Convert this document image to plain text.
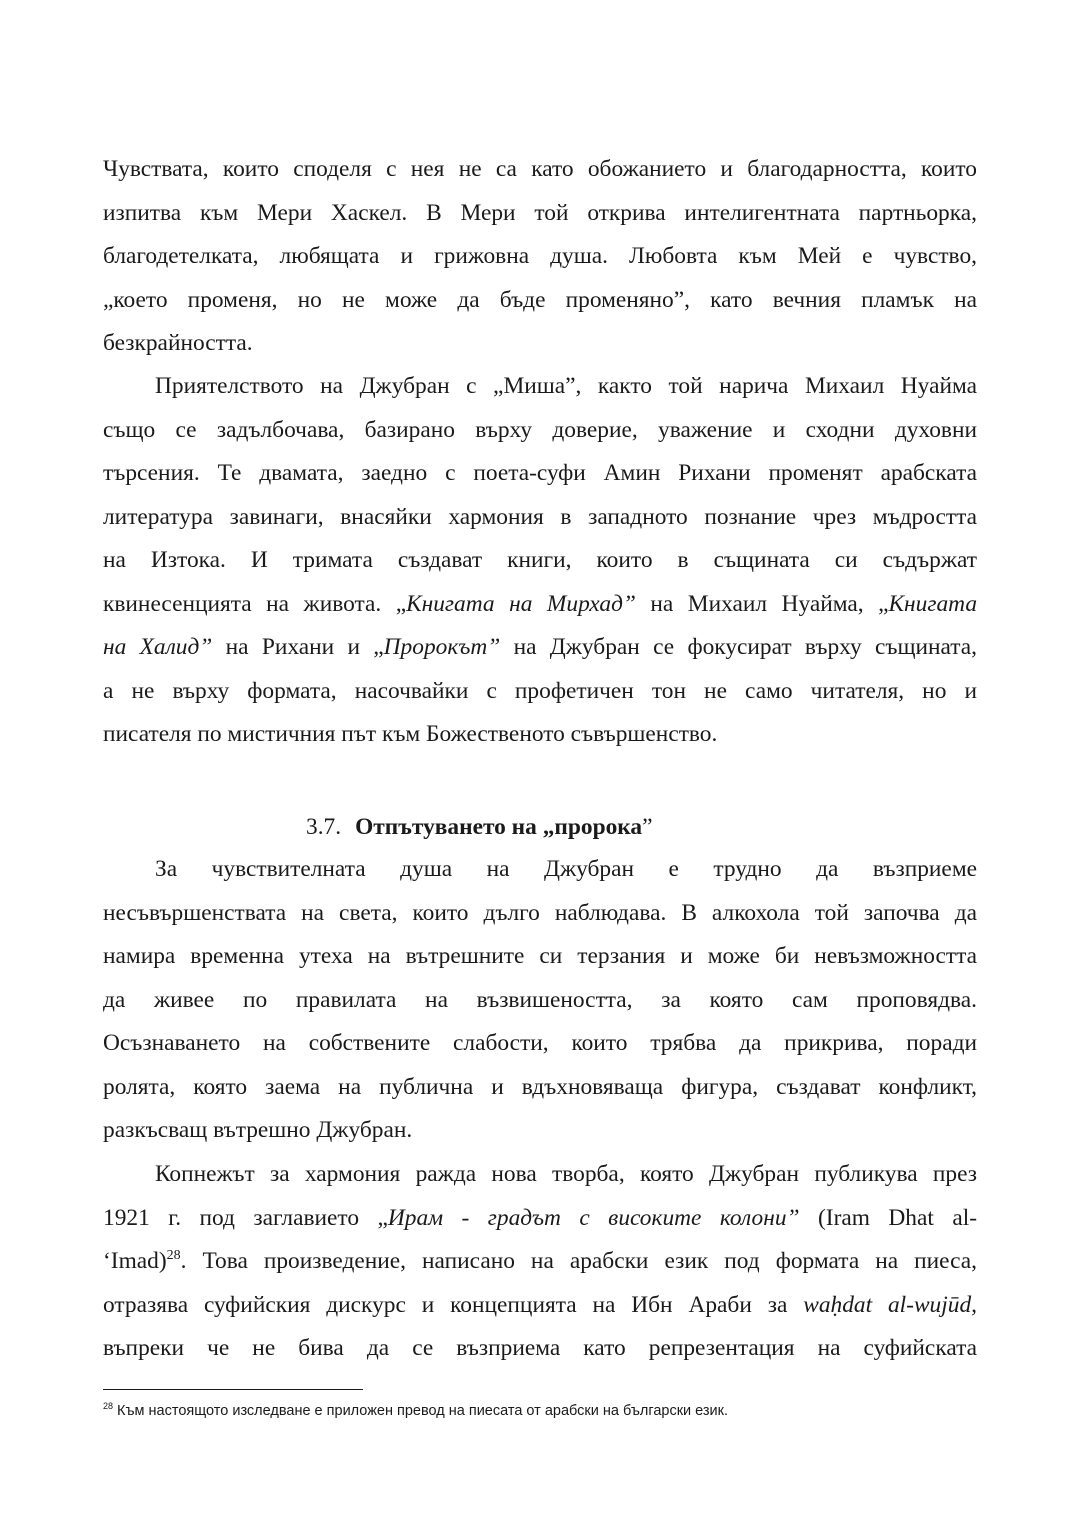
Чувствата, които споделя с нея не са като обожанието и благодарността, които
изпитва към Мери Хаскел. В Мери той открива интелигентната партньорка,
благодетелката, любящата и грижовна душа. Любовта към Мей е чувство,
„което променя, но не може да бъде променяно”, като вечния пламък на
безкрайността.
Приятелството на Джубран с „Миша”, както той нарича Михаил Нуайма
също се задълбочава, базирано върху доверие, уважение и сходни духовни
търсения. Те двамата, заедно с поета-суфи Амин Рихани променят арабската
литература завинаги, внасяйки хармония в западното познание чрез мъдростта
на Изтока. И тримата създават книги, които в същината си съдържат
квинесенцията на живота. „Книгата на Мирхад” на Михаил Нуайма, „Книгата
на Халид” на Рихани и „Пророкът” на Джубран се фокусират върху същината,
а не върху формата, насочвайки с профетичен тон не само читателя, но и
писателя по мистичния път към Божественото съвършенство.
3.7. Отпътуването на „пророка”
За чувствителната душа на Джубран е трудно да възприеме
несъвършенствата на света, които дълго наблюдава. В алкохола той започва да
намира временна утеха на вътрешните си терзания и може би невъзможността
да живее по правилата на възвишеността, за която сам проповядва.
Осъзнаването на собствените слабости, които трябва да прикрива, поради
ролята, която заема на публична и вдъхновяваща фигура, създават конфликт,
разкъсващ вътрешно Джубран.
Копнежът за хармония ражда нова творба, която Джубран публикува през
1921 г. под заглавието „Ирам - градът с високите колони” (Iram Dhat al-
‘Imad)$^{28}$. Това произведение, написано на арабски език под формата на пиеса,
отразява суфийския дискурс и концепцията на Ибн Араби за waḥdat al-wujūd,
въпреки че не бива да се възприема като репрезентация на суфийската
$^{28}$ Към настоящото изследване е приложен превод на пиесата от арабски на български език.
